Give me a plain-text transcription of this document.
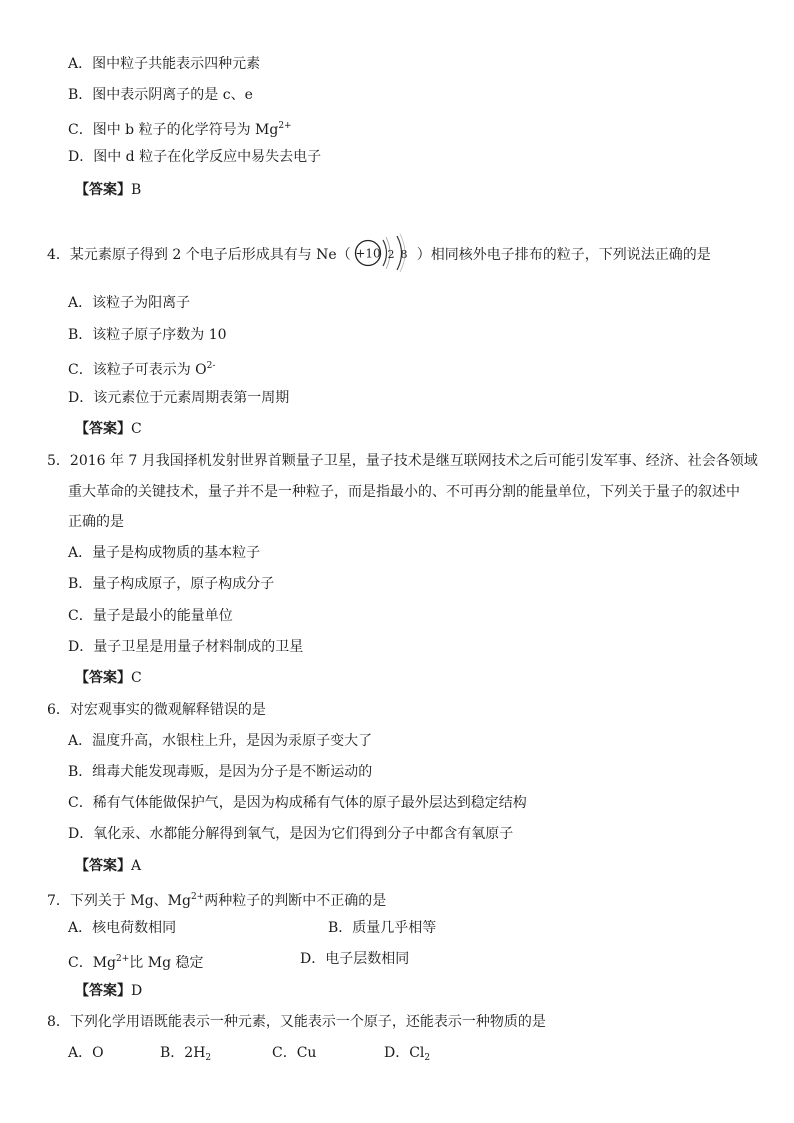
A．图中粒子共能表示四种元素
B．图中表示阴离子的是 c、e
C．图中 b 粒子的化学符号为 $Mg^{2+}$
D．图中 d 粒子在化学反应中易失去电子
【答案】B
4．某元素原子得到 2 个电子后形成具有与 Ne（ +10 2 8 ）相同核外电子排布的粒子，下列说法正确的是
A．该粒子为阳离子
B．该粒子原子序数为 10
C．该粒子可表示为 $O^{2-}$
D．该元素位于元素周期表第一周期
【答案】C
5．2016 年 7 月我国择机发射世界首颗量子卫星，量子技术是继互联网技术之后可能引发军事、经济、社会各领域
重大革命的关键技术，量子并不是一种粒子，而是指最小的、不可再分割的能量单位，下列关于量子的叙述中
正确的是
A．量子是构成物质的基本粒子
B．量子构成原子，原子构成分子
C．量子是最小的能量单位
D．量子卫星是用量子材料制成的卫星
【答案】C
6．对宏观事实的微观解释错误的是
A．温度升高，水银柱上升，是因为汞原子变大了
B．缉毒犬能发现毒贩，是因为分子是不断运动的
C．稀有气体能做保护气，是因为构成稀有气体的原子最外层达到稳定结构
D．氧化汞、水都能分解得到氧气，是因为它们得到分子中都含有氧原子
【答案】A
7．下列关于 Mg、$Mg^{2+}$两种粒子的判断中不正确的是
A．核电荷数相同	B．质量几乎相等
C．$Mg^{2+}$比 Mg 稳定	D．电子层数相同
【答案】D
8．下列化学用语既能表示一种元素，又能表示一个原子，还能表示一种物质的是
A．O	B．$2H_2$	C．Cu	D．$Cl_2$
